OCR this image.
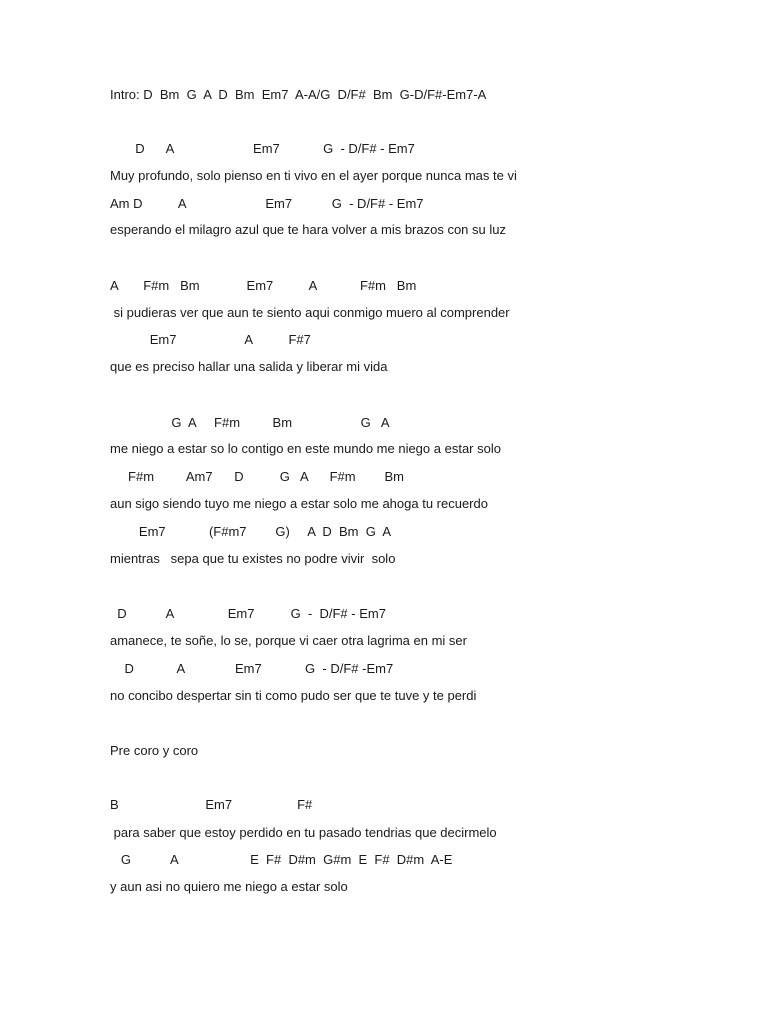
Intro: D  Bm  G  A  D  Bm  Em7  A-A/G  D/F#  Bm  G-D/F#-Em7-A
D      A                      Em7            G  - D/F# - Em7
Muy profundo, solo pienso en ti vivo en el ayer porque nunca mas te vi
Am D          A                      Em7           G  - D/F# - Em7
esperando el milagro azul que te hara volver a mis brazos con su luz
A       F#m   Bm             Em7          A            F#m   Bm
si pudieras ver que aun te siento aqui conmigo muero al comprender
Em7                   A          F#7
que es preciso hallar una salida y liberar mi vida
G  A     F#m         Bm                   G   A
me niego a estar so lo contigo en este mundo me niego a estar solo
F#m         Am7      D          G   A      F#m        Bm
aun sigo siendo tuyo me niego a estar solo me ahoga tu recuerdo
Em7            (F#m7        G)     A  D  Bm  G  A
mientras   sepa que tu existes no podre vivir  solo
D           A               Em7          G  -  D/F# - Em7
amanece, te soñe, lo se, porque vi caer otra lagrima en mi ser
D            A              Em7            G  - D/F# -Em7
no concibo despertar sin ti como pudo ser que te tuve y te perdi
Pre coro y coro
B                        Em7                  F#
para saber que estoy perdido en tu pasado tendrias que decirmelo
G           A                    E  F#  D#m  G#m  E  F#  D#m  A-E
y aun asi no quiero me niego a estar solo
